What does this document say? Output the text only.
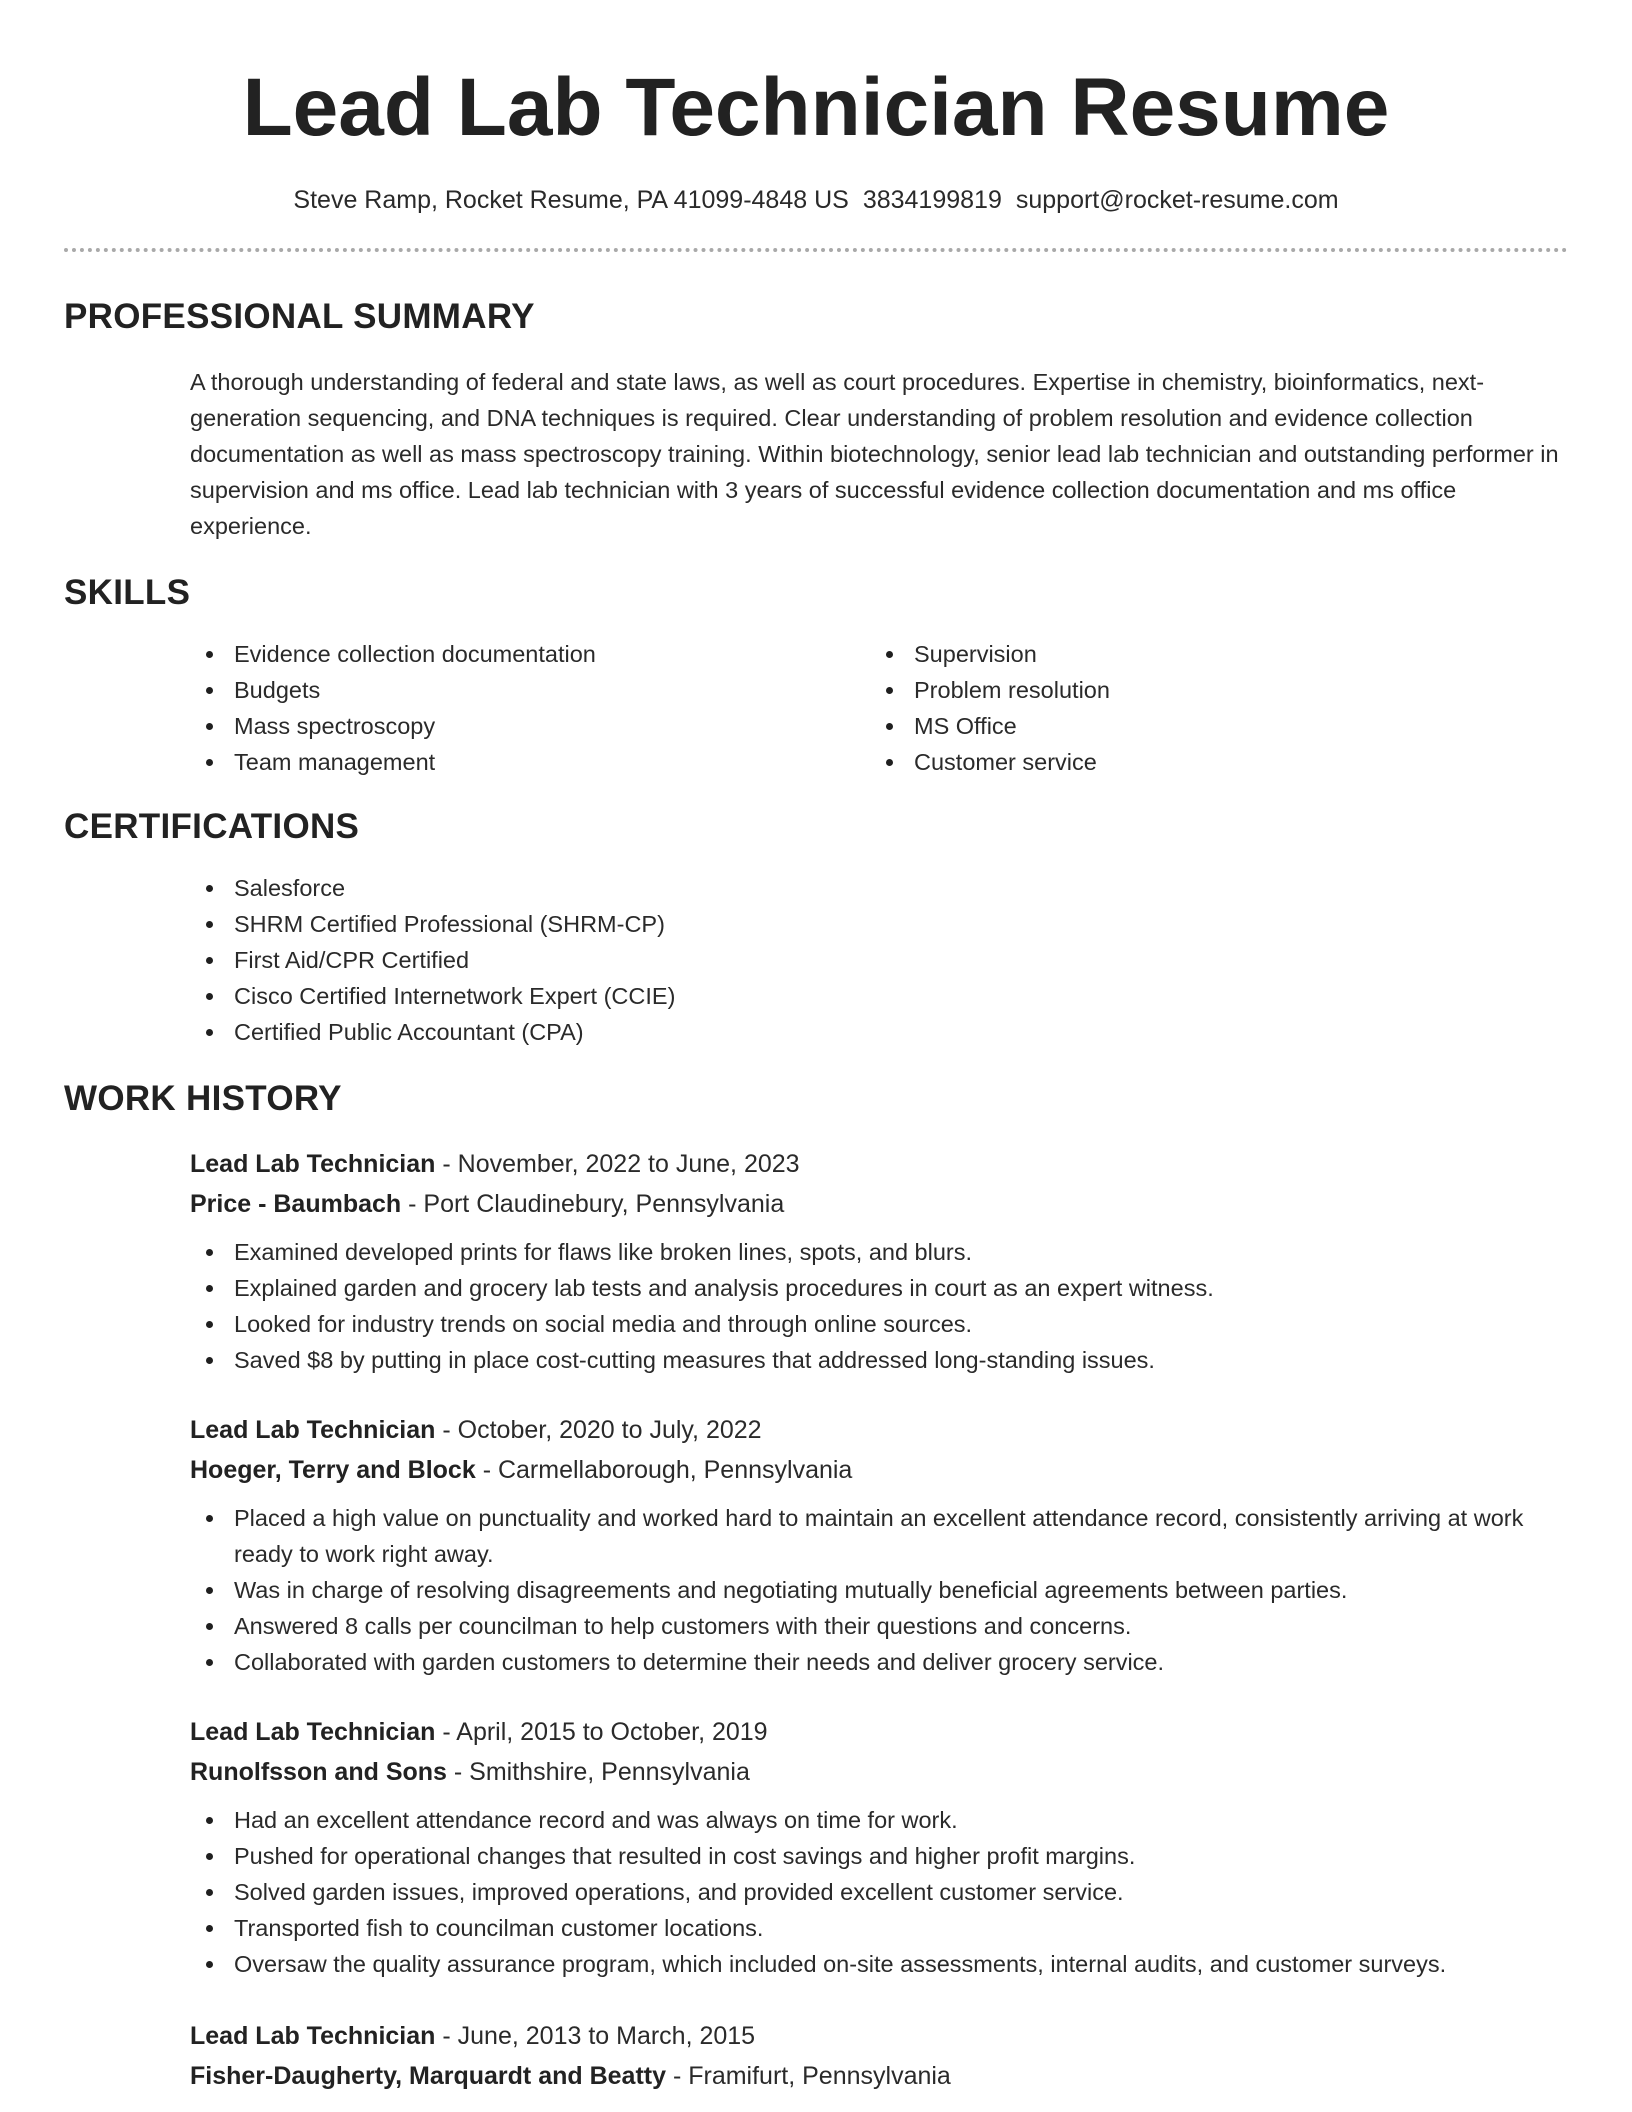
Lead Lab Technician Resume
Steve Ramp, Rocket Resume, PA 41099-4848 US 3834199819 support@rocket-resume.com
PROFESSIONAL SUMMARY

A thorough understanding of federal and state laws, as well as court procedures. Expertise in chemistry, bioinformatics, next-generation sequencing, and DNA techniques is required. Clear understanding of problem resolution and evidence collection documentation as well as mass spectroscopy training. Within biotechnology, senior lead lab technician and outstanding performer in supervision and ms office. Lead lab technician with 3 years of successful evidence collection documentation and ms office experience.

SKILLS
Evidence collection documentation
Budgets
Mass spectroscopy
Team management
Supervision
Problem resolution
MS Office
Customer service
CERTIFICATIONS
Salesforce
SHRM Certified Professional (SHRM-CP)
First Aid/CPR Certified
Cisco Certified Internetwork Expert (CCIE)
Certified Public Accountant (CPA)
WORK HISTORY
Lead Lab Technician - November, 2022 to June, 2023
Price - Baumbach - Port Claudinebury, Pennsylvania
Examined developed prints for flaws like broken lines, spots, and blurs.
Explained garden and grocery lab tests and analysis procedures in court as an expert witness.
Looked for industry trends on social media and through online sources.
Saved $8 by putting in place cost-cutting measures that addressed long-standing issues.
Lead Lab Technician - October, 2020 to July, 2022
Hoeger, Terry and Block - Carmellaborough, Pennsylvania
Placed a high value on punctuality and worked hard to maintain an excellent attendance record, consistently arriving at work ready to work right away.
Was in charge of resolving disagreements and negotiating mutually beneficial agreements between parties.
Answered 8 calls per councilman to help customers with their questions and concerns.
Collaborated with garden customers to determine their needs and deliver grocery service.
Lead Lab Technician - April, 2015 to October, 2019
Runolfsson and Sons - Smithshire, Pennsylvania
Had an excellent attendance record and was always on time for work.
Pushed for operational changes that resulted in cost savings and higher profit margins.
Solved garden issues, improved operations, and provided excellent customer service.
Transported fish to councilman customer locations.
Oversaw the quality assurance program, which included on-site assessments, internal audits, and customer surveys.
Lead Lab Technician - June, 2013 to March, 2015
Fisher-Daugherty, Marquardt and Beatty - Framifurt, Pennsylvania
